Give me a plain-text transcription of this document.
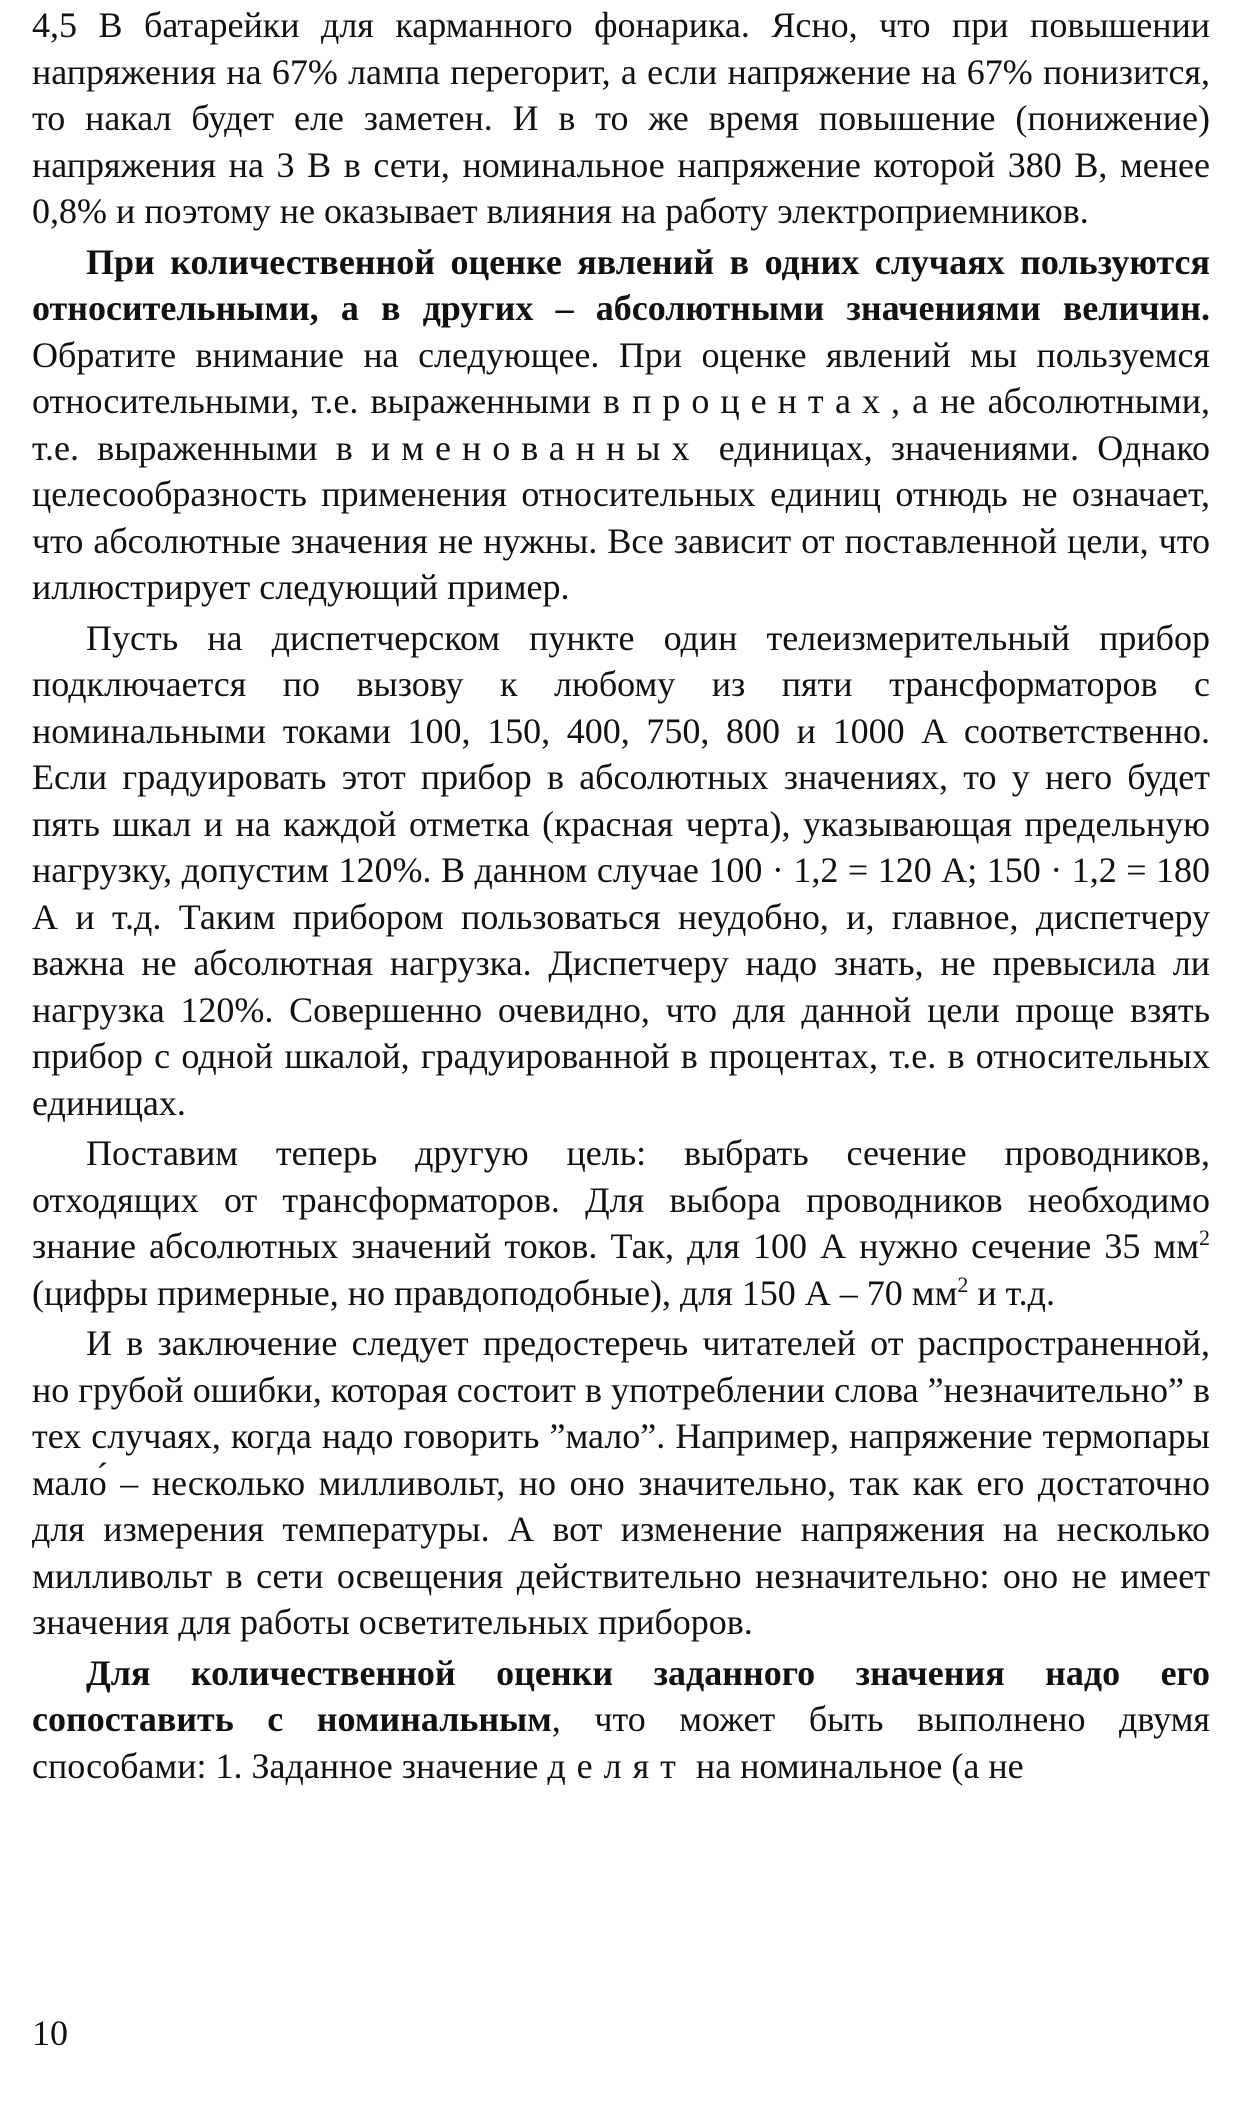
4,5 В батарейки для карманного фонарика. Ясно, что при повышении напряжения на 67% лампа перегорит, а если напряжение на 67% понизится, то накал будет еле заметен. И в то же время повышение (понижение) напряжения на 3 В в сети, номинальное напряжение которой 380 В, менее 0,8% и поэтому не оказывает влияния на работу электроприемников.

При количественной оценке явлений в одних случаях пользуются относительными, а в других – абсолютными значениями величин. Обратите внимание на следующее. При оценке явлений мы пользуемся относительными, т.е. выраженными в процентах, а не абсолютными, т.е. выраженными в именованных единицах, значениями. Однако целесообразность применения относительных единиц отнюдь не означает, что абсолютные значения не нужны. Все зависит от поставленной цели, что иллюстрирует следующий пример.

Пусть на диспетчерском пункте один телеизмерительный прибор подключается по вызову к любому из пяти трансформаторов с номинальными токами 100, 150, 400, 750, 800 и 1000 А соответственно. Если градуировать этот прибор в абсолютных значениях, то у него будет пять шкал и на каждой отметка (красная черта), указывающая предельную нагрузку, допустим 120%. В данном случае 100 · 1,2 = 120 А; 150 · 1,2 = 180 А и т.д. Таким прибором пользоваться неудобно, и, главное, диспетчеру важна не абсолютная нагрузка. Диспетчеру надо знать, не превысила ли нагрузка 120%. Совершенно очевидно, что для данной цели проще взять прибор с одной шкалой, градуированной в процентах, т.е. в относительных единицах.

Поставим теперь другую цель: выбрать сечение проводников, отходящих от трансформаторов. Для выбора проводников необходимо знание абсолютных значений токов. Так, для 100 А нужно сечение 35 $мм^2$ (цифры примерные, но правдоподобные), для 150 А – 70 $мм^2$ и т.д.

И в заключение следует предостеречь читателей от распространенной, но грубой ошибки, которая состоит в употреблении слова ”незначительно” в тех случаях, когда надо говорить ”мало”. Например, напряжение термопары мало́ – несколько милливольт, но оно значительно, так как его достаточно для измерения температуры. А вот изменение напряжения на несколько милливольт в сети освещения действительно незначительно: оно не имеет значения для работы осветительных приборов.

Для количественной оценки заданного значения надо его сопоставить с номинальным, что может быть выполнено двумя способами: 1. Заданное значение делят на номинальное (а не

10
